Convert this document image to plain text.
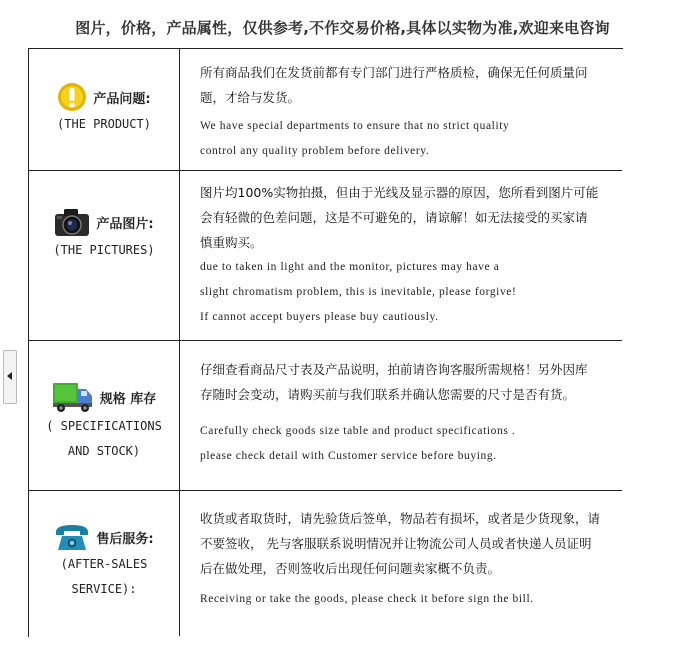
图片，价格，产品属性，仅供参考,不作交易价格,具体以实物为准,欢迎来电咨询
产品问题:
(THE PRODUCT)

所有商品我们在发货前都有专门部门进行严格质检，确保无任何质量问

题，才给与发货。

We have special departments to ensure that no strict quality

control any quality problem before delivery.

产品图片:
(THE PICTURES)

图片均100%实物拍摄，但由于光线及显示器的原因，您所看到图片可能

会有轻微的色差问题，这是不可避免的，请谅解！如无法接受的买家请

慎重购买。

due to taken in light and the monitor, pictures may have a

slight chromatism problem, this is inevitable, please forgive!

If cannot accept buyers please buy cautiously.

规格 库存
( SPECIFICATIONS
AND STOCK)

仔细查看商品尺寸表及产品说明，拍前请咨询客服所需规格！另外因库

存随时会变动，请购买前与我们联系并确认您需要的尺寸是否有货。

Carefully check goods size table and product specifications .

please check detail with Customer service before buying.

售后服务:
(AFTER-SALES
SERVICE):

收货或者取货时，请先验货后签单，物品若有损坏，或者是少货现象，请

不要签收， 先与客服联系说明情况并让物流公司人员或者快递人员证明

后在做处理，否则签收后出现任何问题卖家概不负责。

Receiving or take the goods, please check it before sign the bill.
